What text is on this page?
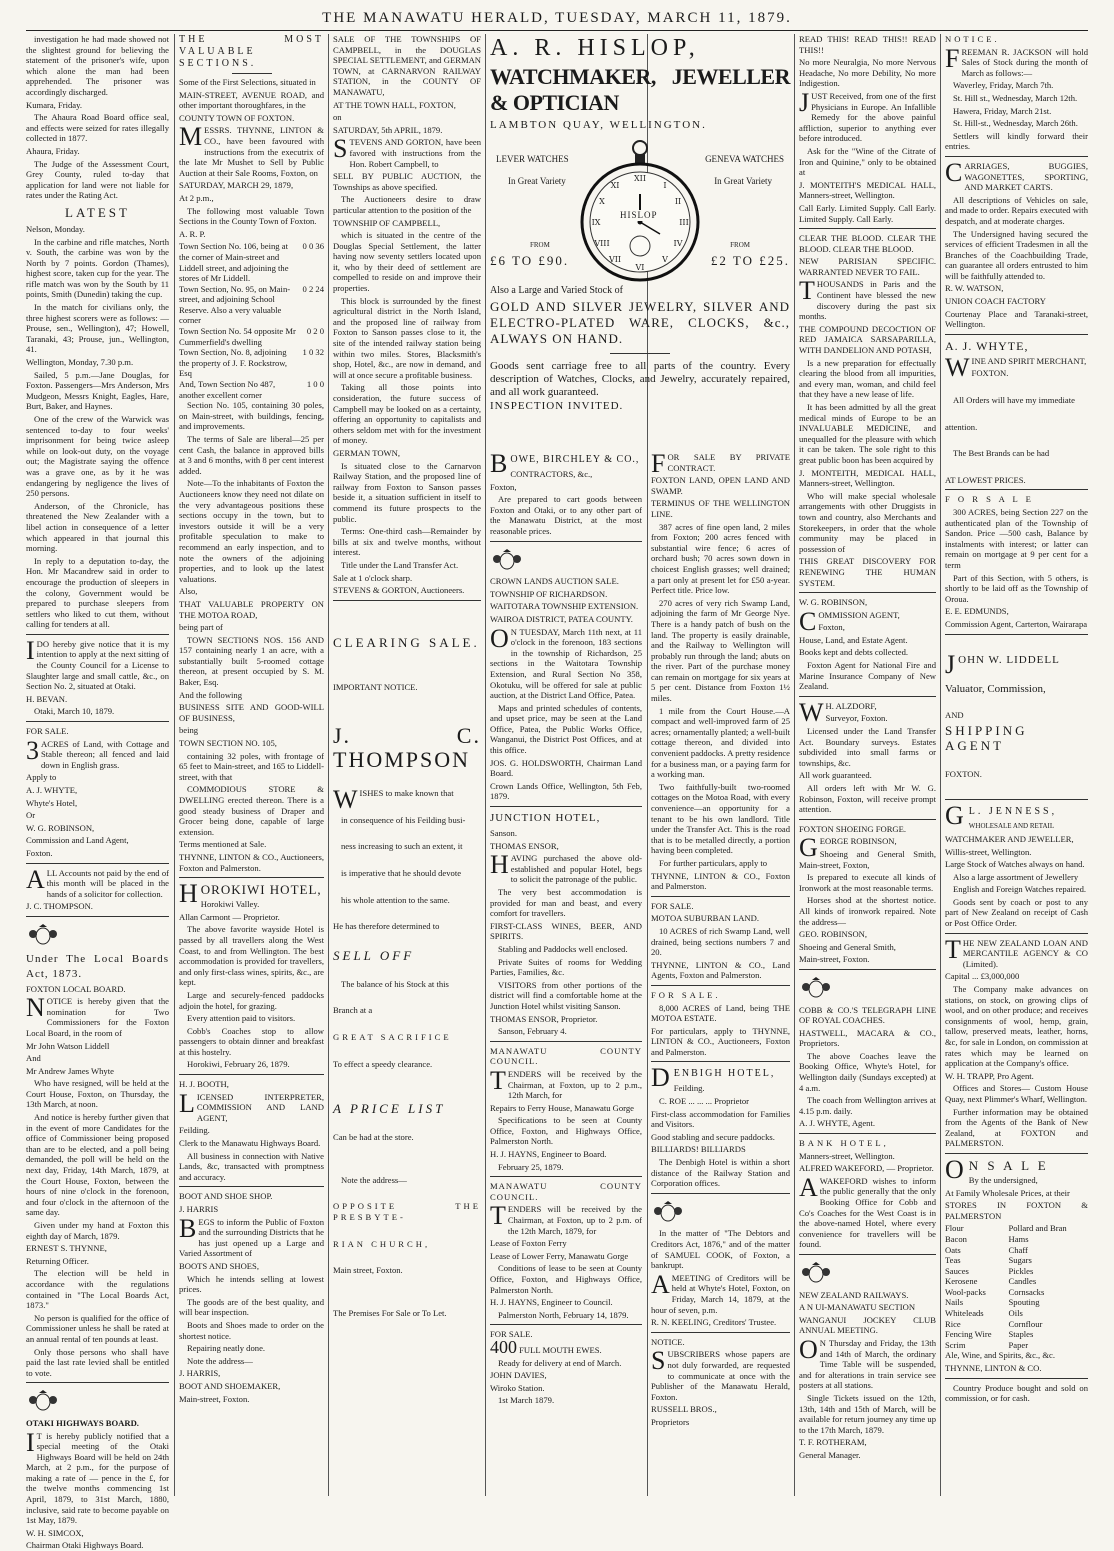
THE MANAWATU HERALD, TUESDAY, MARCH 11, 1879.

investigation he had made showed not the slightest ground for believing the statement of the prisoner's wife, upon which alone the man had been apprehended. The prisoner was accordingly discharged.

Kumara, Friday.

The Ahaura Road Board office seal, and effects were seized for rates illegally collected in 1877.

Ahaura, Friday.

The Judge of the Assessment Court, Grey County, ruled to-day that application for land were not liable for rates under the Rating Act.

LATEST

Nelson, Monday.

In the carbine and rifle matches, North v. South, the carbine was won by the North by 7 points. Gordon (Thames), highest score, taken cup for the year. The rifle match was won by the South by 11 points, Smith (Dunedin) taking the cup.

In the match for civilians only, the three highest scorers were as follows: —Prouse, sen., Wellington), 47; Howell, Taranaki, 43; Prouse, jun., Wellington, 41.

Wellington, Monday, 7.30 p.m.

Sailed, 5 p.m.—Jane Douglas, for Foxton. Passengers—Mrs Anderson, Mrs Mudgeon, Messrs Knight, Eagles, Hare, Burt, Baker, and Haynes.

One of the crew of the Warwick was sentenced to-day to four weeks' imprisonment for being twice asleep while on look-out duty, on the voyage out; the Magistrate saying the offence was a grave one, as by it he was endangering by negligence the lives of 250 persons.

Anderson, of the Chronicle, has threatened the New Zealander with a libel action in consequence of a letter which appeared in that journal this morning.

In reply to a deputation to-day, the Hon. Mr Macandrew said in order to encourage the production of sleepers in the colony, Government would be prepared to purchase sleepers from settlers who liked to cut them, without calling for tenders at all.

IDO hereby give notice that it is my intention to apply at the next sitting of the County Council for a License to Slaughter large and small cattle, &c., on Section No. 2, situated at Otaki.

H. BEVAN.

Otaki, March 10, 1879.

FOR SALE.

3 ACRES of Land, with Cottage and Stable thereon; all fenced and laid down in English grass.

Apply to

A. J. WHYTE,

Whyte's Hotel,

Or

W. G. ROBINSON,

Commission and Land Agent,

Foxton.

ALL Accounts not paid by the end of this month will be placed in the hands of a solicitor for collection.

J. C. THOMPSON.

Under The Local Boards Act, 1873.

FOXTON LOCAL BOARD.

NOTICE is hereby given that the nomination for Two Commissioners for the Foxton Local Board, in the room of

Mr John Watson Liddell

And

Mr Andrew James Whyte

Who have resigned, will be held at the Court House, Foxton, on Thursday, the 13th March, at noon.

And notice is hereby further given that in the event of more Candidates for the office of Commissioner being proposed than are to be elected, and a poll being demanded, the poll will be held on the next day, Friday, 14th March, 1879, at the Court House, Foxton, between the hours of nine o'clock in the forenoon, and four o'clock in the afternoon of the same day.

Given under my hand at Foxton this eighth day of March, 1879.

ERNEST S. THYNNE,

Returning Officer.

The election will be held in accordance with the regulations contained in "The Local Boards Act, 1873."

No person is qualified for the office of Commissioner unless he shall be rated at an annual rental of ten pounds at least.

Only those persons who shall have paid the last rate levied shall be entitled to vote.

OTAKI HIGHWAYS BOARD.

I T is hereby publicly notified that a special meeting of the Otaki Highways Board will be held on 24th March, at 2 p.m., for the purpose of making a rate of — pence in the £, for the twelve months commencing 1st April, 1879, to 31st March, 1880, inclusive, said rate to become payable on 1st May, 1879.

W. H. SIMCOX,

Chairman Otaki Highways Board.

THE MOST VALUABLE SECTIONS.

Some of the First Selections, situated in

MAIN-STREET, AVENUE ROAD, and other important thoroughfares, in the

COUNTY TOWN OF FOXTON.

MESSRS. THYNNE, LINTON & CO., have been favoured with instructions from the executrix of the late Mr Mushet to Sell by Public Auction at their Sale Rooms, Foxton, on

SATURDAY, MARCH 29, 1879,

At 2 p.m.,

The following most valuable Town Sections in the County Town of Foxton.

A. R. P.

Town Section No. 106, being at the corner of Main-street and Liddell street, and adjoining the stores of Mr Liddell.	0 0 36
Town Section, No. 95, on Main-street, and adjoining School Reserve. Also a very valuable corner	0 2 24
Town Section No. 54 opposite Mr Cummerfield's dwelling	0 2 0
Town Section, No. 8, adjoining the property of J. F. Rockstrow, Esq	1 0 32
And, Town Section No 487, another excellent corner	1 0 0

Section No. 105, containing 30 poles, on Main-street, with buildings, fencing, and improvements.

The terms of Sale are liberal—25 per cent Cash, the balance in approved bills at 3 and 6 months, with 8 per cent interest added.

Note—To the inhabitants of Foxton the Auctioneers know they need not dilate on the very advantageous positions these sections occupy in the town, but to investors outside it will be a very profitable speculation to make to recommend an early inspection, and to note the owners of the adjoining properties, and to look up the latest valuations.

Also,

THAT VALUABLE PROPERTY ON THE MOTOA ROAD,

being part of

TOWN SECTIONS NOS. 156 AND 157 containing nearly 1 an acre, with a substantially built 5-roomed cottage thereon, at present occupied by S. M. Baker, Esq.

And the following

BUSINESS SITE AND GOOD-WILL OF BUSINESS,

being

TOWN SECTION NO. 105,

containing 32 poles, with frontage of 65 feet to Main-street, and 165 to Liddell-street, with that

COMMODIOUS STORE & DWELLING erected thereon. There is a good steady business of Draper and Grocer being done, capable of large extension.

Terms mentioned at Sale.

THYNNE, LINTON & CO., Auctioneers, Foxton and Palmerston.

HOROKIWI HOTEL,

Horokiwi Valley.

Allan Carmont — Proprietor.

The above favorite wayside Hotel is passed by all travellers along the West Coast, to and from Wellington. The best accommodation is provided for travellers, and only first-class wines, spirits, &c., are kept.

Large and securely-fenced paddocks adjoin the hotel, for grazing.

Every attention paid to visitors.

Cobb's Coaches stop to allow passengers to obtain dinner and breakfast at this hostelry.

Horokiwi, February 26, 1879.

H. J. BOOTH,

LICENSED INTERPRETER, COMMISSION AND LAND AGENT,

Feilding.

Clerk to the Manawatu Highways Board.

All business in connection with Native Lands, &c, transacted with promptness and accuracy.

BOOT AND SHOE SHOP.

J. HARRIS

BEGS to inform the Public of Foxton and the surrounding Districts that he has just opened up a Large and Varied Assortment of

BOOTS AND SHOES,

Which he intends selling at lowest prices.

The goods are of the best quality, and will bear inspection.

Boots and Shoes made to order on the shortest notice.

Repairing neatly done.

Note the address—

J. HARRIS,

BOOT AND SHOEMAKER,

Main-street, Foxton.

SALE OF THE TOWNSHIPS OF CAMPBELL, in the DOUGLAS SPECIAL SETTLEMENT, and GERMAN TOWN, at CARNARVON RAILWAY STATION, in the COUNTY OF MANAWATU,

AT THE TOWN HALL, FOXTON,

on

SATURDAY, 5th APRIL, 1879.

STEVENS AND GORTON, have been favored with instructions from the Hon. Robert Campbell, to

SELL BY PUBLIC AUCTION, the Townships as above specified.

The Auctioneers desire to draw particular attention to the position of the

TOWNSHIP OF CAMPBELL,

which is situated in the centre of the Douglas Special Settlement, the latter having now seventy settlers located upon it, who by their deed of settlement are compelled to reside on and improve their properties.

This block is surrounded by the finest agricultural district in the North Island, and the proposed line of railway from Foxton to Sanson passes close to it, the site of the intended railway station being within two miles. Stores, Blacksmith's shop, Hotel, &c., are now in demand, and will at once secure a profitable business.

Taking all those points into consideration, the future success of Campbell may be looked on as a certainty, offering an opportunity to capitalists and others seldom met with for the investment of money.

GERMAN TOWN,

Is situated close to the Carnarvon Railway Station, and the proposed line of railway from Foxton to Sanson passes beside it, a situation sufficient in itself to commend its future prospects to the public.

Terms: One-third cash—Remainder by bills at six and twelve months, without interest.

Title under the Land Transfer Act.

Sale at 1 o'clock sharp.

STEVENS & GORTON, Auctioneers.

CLEARING SALE.

IMPORTANT NOTICE.

J. C. THOMPSON

WISHES to make known that

in consequence of his Feilding busi-

ness increasing to such an extent, it

is imperative that he should devote

his whole attention to the same.

He has therefore determined to

SELL OFF

The balance of his Stock at this

Branch at a

GREAT SACRIFICE

To effect a speedy clearance.

A PRICE LIST

Can be had at the store.

Note the address—

OPPOSITE THE PRESBYTE-

RIAN CHURCH,

Main street, Foxton.

The Premises For Sale or To Let.

A. R. HISLOP,

WATCHMAKER, JEWELLER & OPTICIAN

LAMBTON QUAY, WELLINGTON.

LEVER WATCHES	GENEVA WATCHES
In Great Variety	In Great Variety
FROM	FROM
£6 TO £90.	£2 TO £25.
XII
I
II
III
IV
V
VI
VII
VIII
IX
X
XI
HISLOP

Also a Large and Varied Stock of

GOLD AND SILVER JEWELRY, SILVER AND ELECTRO-PLATED WARE, CLOCKS, &c., ALWAYS ON HAND.

Goods sent carriage free to all parts of the country. Every description of Watches, Clocks, and Jewelry, accurately repaired, and all work guaranteed.

INSPECTION INVITED.

BOWE, BIRCHLEY & CO.,

CONTRACTORS, &c.,

Foxton,

Are prepared to cart goods between Foxton and Otaki, or to any other part of the Manawatu District, at the most reasonable prices.

CROWN LANDS AUCTION SALE.

TOWNSHIP OF RICHARDSON.

WAITOTARA TOWNSHIP EXTENSION.

WAIROA DISTRICT, PATEA COUNTY.

O N TUESDAY, March 11th next, at 11 o'clock in the forenoon, 183 sections in the township of Richardson, 25 sections in the Waitotara Township Extension, and Rural Section No 358, Okotuku, will be offered for sale at public auction, at the District Land Office, Patea.

Maps and printed schedules of contents, and upset price, may be seen at the Land Office, Patea, the Public Works Office, Wanganui, the District Post Offices, and at this office.

JOS. G. HOLDSWORTH, Chairman Land Board.

Crown Lands Office, Wellington, 5th Feb, 1879.

JUNCTION HOTEL,

Sanson.

THOMAS ENSOR,

HAVING purchased the above old-established and popular Hotel, begs to solicit the patronage of the public.

The very best accommodation is provided for man and beast, and every comfort for travellers.

FIRST-CLASS WINES, BEER, AND SPIRITS.

Stabling and Paddocks well enclosed.

Private Suites of rooms for Wedding Parties, Families, &c.

VISITORS from other portions of the district will find a comfortable home at the Junction Hotel whilst visiting Sanson.

THOMAS ENSOR, Proprietor.

Sanson, February 4.

MANAWATU COUNTY COUNCIL.

TENDERS will be received by the Chairman, at Foxton, up to 2 p.m., 12th March, for

Repairs to Ferry House, Manawatu Gorge

Specifications to be seen at County Office, Foxton, and Highways Office, Palmerston North.

H. J. HAYNS, Engineer to Board.

February 25, 1879.

MANAWATU COUNTY COUNCIL.

TENDERS will be received by the Chairman, at Foxton, up to 2 p.m. of the 12th March, 1879, for

Lease of Foxton Ferry

Lease of Lower Ferry, Manawatu Gorge

Conditions of lease to be seen at County Office, Foxton, and Highways Office, Palmerston North.

H. J. HAYNS, Engineer to Council.

Palmerston North, February 14, 1879.

FOR SALE.

400 FULL MOUTH EWES.

Ready for delivery at end of March.

JOHN DAVIES,

Wiroko Station.

1st March 1879.

FOR SALE BY PRIVATE CONTRACT.

FOXTON LAND, OPEN LAND AND SWAMP.

TERMINUS OF THE WELLINGTON LINE.

387 acres of fine open land, 2 miles from Foxton; 200 acres fenced with substantial wire fence; 6 acres of orchard bush; 70 acres sown down in choicest English grasses; well drained; a part only at present let for £50 a-year. Perfect title. Price low.

270 acres of very rich Swamp Land, adjoining the farm of Mr George Nye. There is a handy patch of bush on the land. The property is easily drainable, and the Railway to Wellington will probably run through the land; abuts on the river. Part of the purchase money can remain on mortgage for six years at 5 per cent. Distance from Foxton 1½ miles.

1 mile from the Court House.—A compact and well-improved farm of 25 acres; ornamentally planted; a well-built cottage thereon, and divided into convenient paddocks. A pretty residence for a business man, or a paying farm for a working man.

Two faithfully-built two-roomed cottages on the Motoa Road, with every convenience—an opportunity for a tenant to be his own landlord. Title under the Transfer Act. This is the road that is to be metalled directly, a portion having been completed.

For further particulars, apply to

THYNNE, LINTON & CO., Foxton and Palmerston.

FOR SALE.

MOTOA SUBURBAN LAND.

10 ACRES of rich Swamp Land, well drained, being sections numbers 7 and 20.

THYNNE, LINTON & CO., Land Agents, Foxton and Palmerston.

FOR SALE.

8,000 ACRES of Land, being THE MOTOA ESTATE.

For particulars, apply to THYNNE, LINTON & CO., Auctioneers, Foxton and Palmerston.

DENBIGH HOTEL,

Feilding.

C. ROE ... ... ... Proprietor

First-class accommodation for Families and Visitors.

Good stabling and secure paddocks.

BILLIARDS! BILLIARDS

The Denbigh Hotel is within a short distance of the Railway Station and Corporation offices.

In the matter of "The Debtors and Creditors Act, 1876," and of the matter of SAMUEL COOK, of Foxton, a bankrupt.

AMEETING of Creditors will be held at Whyte's Hotel, Foxton, on Friday, March 14, 1879, at the hour of seven, p.m.

R. N. KEELING, Creditors' Trustee.

NOTICE.

SUBSCRIBERS whose papers are not duly forwarded, are requested to communicate at once with the Publisher of the Manawatu Herald, Foxton.

RUSSELL BROS.,

Proprietors

READ THIS! READ THIS!! READ THIS!!

No more Neuralgia, No more Nervous Headache, No more Debility, No more Indigestion.

JUST Received, from one of the first Physicians in Europe. An Infallible Remedy for the above painful affliction, superior to anything ever before introduced.

Ask for the "Wine of the Citrate of Iron and Quinine," only to be obtained at

J. MONTEITH'S MEDICAL HALL, Manners-street, Wellington.

Call Early. Limited Supply. Call Early. Limited Supply. Call Early.

CLEAR THE BLOOD. CLEAR THE BLOOD. CLEAR THE BLOOD.

NEW PARISIAN SPECIFIC. WARRANTED NEVER TO FAIL.

THOUSANDS in Paris and the Continent have blessed the new discovery during the past six months.

THE COMPOUND DECOCTION OF RED JAMAICA SARSAPARILLA, WITH DANDELION AND POTASH,

Is a new preparation for effectually clearing the blood from all impurities, and every man, woman, and child feel that they have a new lease of life.

It has been admitted by all the great medical minds of Europe to be an INVALUABLE MEDICINE, and unequalled for the pleasure with which it can be taken. The sole right to this great public boon has been acquired by

J. MONTEITH, MEDICAL HALL, Manners-street, Wellington.

Who will make special wholesale arrangements with other Druggists in town and country, also Merchants and Storekeepers, in order that the whole community may be placed in possession of

THIS GREAT DISCOVERY FOR RENEWING THE HUMAN SYSTEM.

W. G. ROBINSON,

COMMISSION AGENT,

Foxton,

House, Land, and Estate Agent.

Books kept and debts collected.

Foxton Agent for National Fire and Marine Insurance Company of New Zealand.

W H. ALZDORF,

Surveyor, Foxton.

Licensed under the Land Transfer Act. Boundary surveys. Estates subdivided into small farms or townships, &c.

All work guaranteed.

All orders left with Mr W. G. Robinson, Foxton, will receive prompt attention.

FOXTON SHOEING FORGE.

GEORGE ROBINSON,

Shoeing and General Smith, Main-street, Foxton,

Is prepared to execute all kinds of Ironwork at the most reasonable terms.

Horses shod at the shortest notice. All kinds of ironwork repaired. Note the address—

GEO. ROBINSON,

Shoeing and General Smith,

Main-street, Foxton.

COBB & CO.'S TELEGRAPH LINE OF ROYAL COACHES.

HASTWELL, MACARA & CO., Proprietors.

The above Coaches leave the Booking Office, Whyte's Hotel, for Wellington daily (Sundays excepted) at 4 a.m.

The coach from Wellington arrives at 4.15 p.m. daily.

A. J. WHYTE, Agent.

BANK HOTEL,

Manners-street, Wellington.

ALFRED WAKEFORD, — Proprietor.

AWAKEFORD wishes to inform the public generally that the only Booking Office for Cobb and Co's Coaches for the West Coast is in the above-named Hotel, where every convenience for travellers will be found.

NEW ZEALAND RAILWAYS.

A N UI-MANAWATU SECTION

WANGANUI JOCKEY CLUB ANNUAL MEETING.

O N Thursday and Friday, the 13th and 14th of March, the ordinary Time Table will be suspended, and for alterations in train service see posters at all stations.

Single Tickets issued on the 12th, 13th, 14th and 15th of March, will be available for return journey any time up to the 17th March, 1879.

T. F. ROTHERAM,

General Manager.

NOTICE.

FREEMAN R. JACKSON will hold Sales of Stock during the month of March as follows:—

Waverley, Friday, March 7th.

St. Hill st., Wednesday, March 12th.

Hawera, Friday, March 21st.

St. Hill-st., Wednesday, March 26th.

Settlers will kindly forward their entries.

CARRIAGES, BUGGIES, WAGONETTES, SPORTING, AND MARKET CARTS.

All descriptions of Vehicles on sale, and made to order. Repairs executed with despatch, and at moderate charges.

The Undersigned having secured the services of efficient Tradesmen in all the Branches of the Coachbuilding Trade, can guarantee all orders entrusted to him will be faithfully attended to.

R. W. WATSON,

UNION COACH FACTORY

Courtenay Place and Taranaki-street, Wellington.

A. J. WHYTE,

WINE AND SPIRIT MERCHANT,

FOXTON.

All Orders will have my immediate

attention.

The Best Brands can be had

AT LOWEST PRICES.

F O R S A L E

300 ACRES, being Section 227 on the authenticated plan of the Township of Sandon. Price —500 cash, Balance by instalments with interest; or latter can remain on mortgage at 9 per cent for a term

Part of this Section, with 5 others, is shortly to be laid off as the Township of Oroua.

E. E. EDMUNDS,

Commission Agent, Carterton, Wairarapa

JOHN W. LIDDELL

Valuator, Commission,

AND

SHIPPING AGENT

FOXTON.

G L. JENNESS,

WHOLESALE AND RETAIL

WATCHMAKER AND JEWELLER,

Willis-street, Wellington.

Large Stock of Watches always on hand.

Also a large assortment of Jewellery

English and Foreign Watches repaired.

Goods sent by coach or post to any part of New Zealand on receipt of Cash or Post Office Order.

THE NEW ZEALAND LOAN AND MERCANTILE AGENCY & CO (Limited).

Capital ... £3,000,000

The Company make advances on stations, on stock, on growing clips of wool, and on other produce; and receives consignments of wool, hemp, grain, tallow, preserved meats, leather, horns, &c, for sale in London, on commission at rates which may be learned on application at the Company's office.

W. H. TRAPP, Pro Agent.

Offices and Stores— Custom House Quay, next Plimmer's Wharf, Wellington.

Further information may be obtained from the Agents of the Bank of New Zealand, at FOXTON and PALMERSTON.

O N S A L E

By the undersigned,

At Family Wholesale Prices, at their

STORES IN FOXTON & PALMERSTON

Flour	Pollard and Bran
Bacon	Hams
Oats	Chaff
Teas	Sugars
Sauces	Pickles
Kerosene	Candles
Wool-packs	Cornsacks
Nails	Spouting
Whiteleads	Oils
Rice	Cornflour
Fencing Wire	Staples
Scrim	Paper

Ale, Wine, and Spirits, &c., &c.

THYNNE, LINTON & CO.

Country Produce bought and sold on commission, or for cash.
